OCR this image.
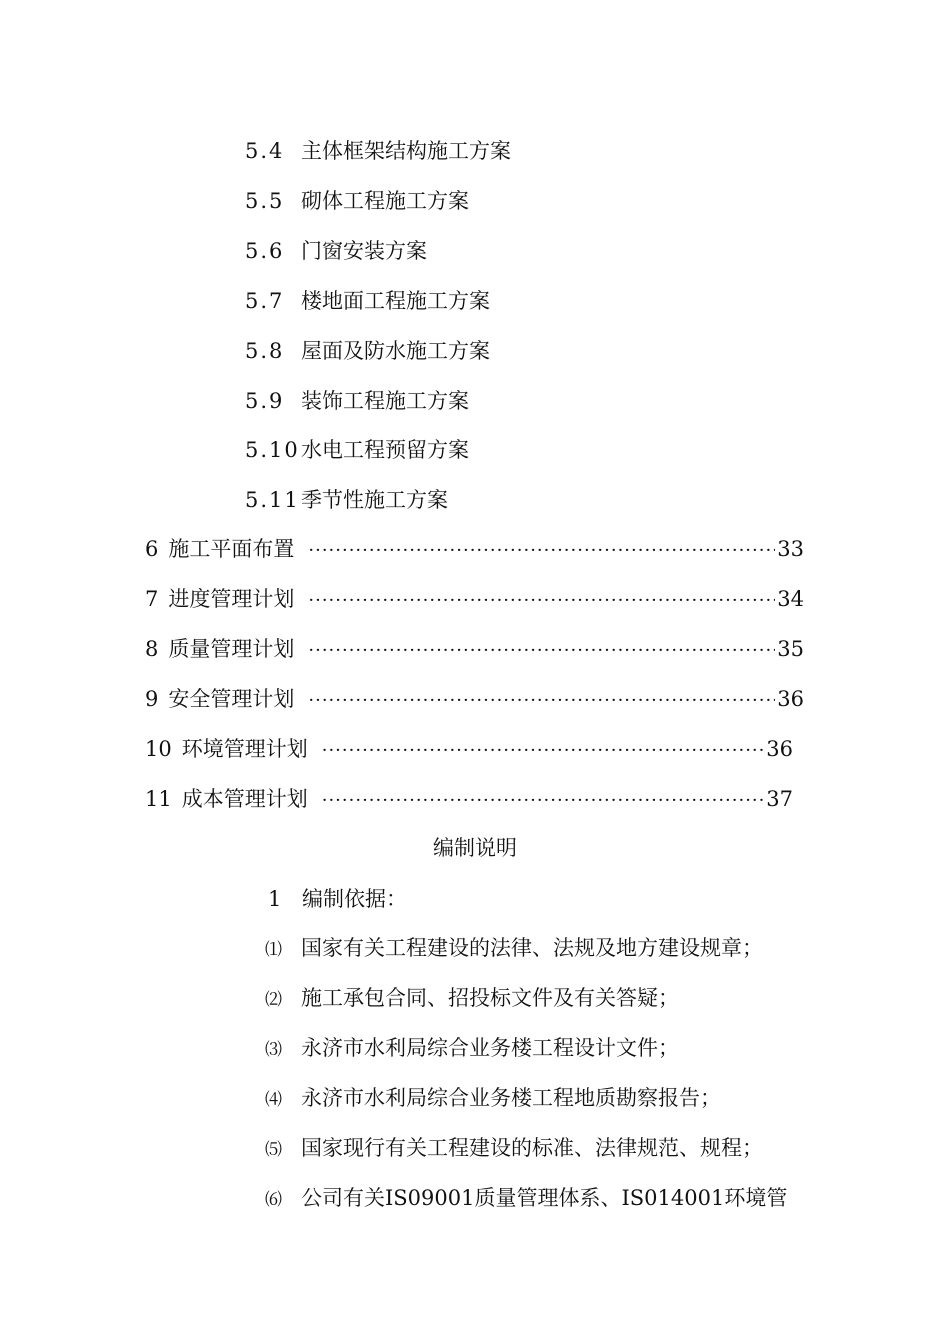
5.4 主体框架结构施工方案
5.5 砌体工程施工方案
5.6 门窗安装方案
5.7 楼地面工程施工方案
5.8 屋面及防水施工方案
5.9 装饰工程施工方案
5.10水电工程预留方案
5.11季节性施工方案
6 施工平面布置 ·····	33
7 进度管理计划 ·····	34
8 质量管理计划 ·····	35
9 安全管理计划 ·····	36
10 环境管理计划 ·····	36
11 成本管理计划 ·····	37
编制说明
1 编制依据：
⑴ 国家有关工程建设的法律、法规及地方建设规章；
⑵ 施工承包合同、招投标文件及有关答疑；
⑶ 永济市水利局综合业务楼工程设计文件；
⑷ 永济市水利局综合业务楼工程地质勘察报告；
⑸ 国家现行有关工程建设的标准、法律规范、规程；
⑹ 公司有关IS09001质量管理体系、IS014001环境管
